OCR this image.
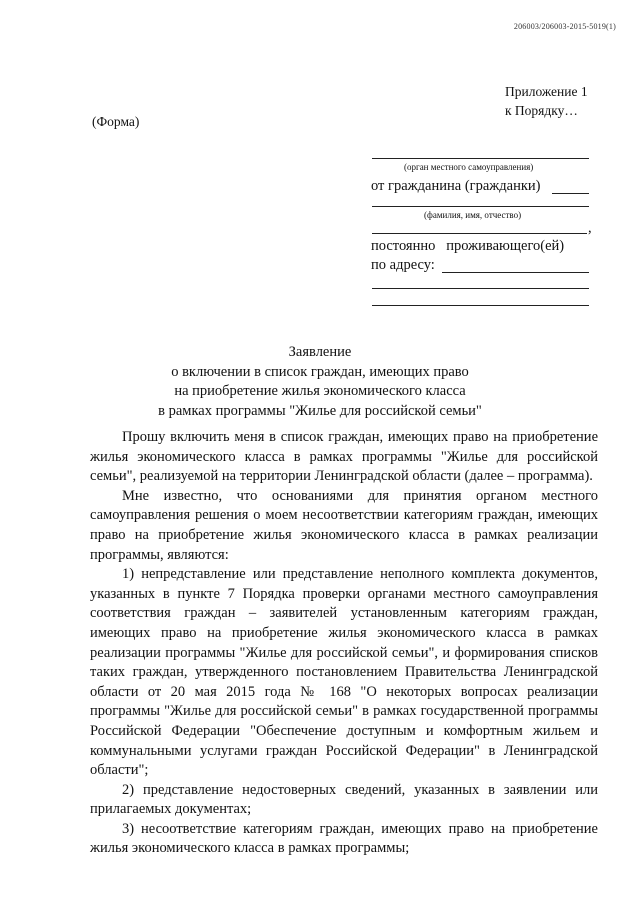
206003/206003-2015-5019(1)
Приложение 1
к Порядку…
(Форма)
(орган местного самоуправления)
от гражданина (гражданки)
(фамилия, имя, отчество)
,
постоянно   проживающего(ей)
по адресу:
Заявление
о включении в список граждан, имеющих право
на приобретение жилья экономического класса
в рамках программы "Жилье для российской семьи"

Прошу включить меня в список граждан, имеющих право на приобретение жилья экономического класса в рамках программы "Жилье для российской семьи", реализуемой на территории Ленинградской области (далее – программа).

Мне известно, что основаниями для принятия органом местного самоуправления решения о моем несоответствии категориям граждан, имеющих право на приобретение жилья экономического класса в рамках реализации программы, являются:

1) непредставление или представление неполного комплекта документов, указанных в пункте 7 Порядка проверки органами местного самоуправления соответствия граждан – заявителей установленным категориям граждан, имеющих право на приобретение жилья экономического класса в рамках реализации программы "Жилье для российской семьи", и формирования списков таких граждан, утвержденного постановлением Правительства Ленинградской области от 20 мая 2015 года № 168 "О некоторых вопросах реализации программы "Жилье для российской семьи" в рамках государственной программы Российской Федерации "Обеспечение доступным и комфортным жильем и коммунальными услугами граждан Российской Федерации" в Ленинградской области";

2) представление недостоверных сведений, указанных в заявлении или прилагаемых документах;

3) несоответствие категориям граждан, имеющих право на приобретение жилья экономического класса в рамках программы;
